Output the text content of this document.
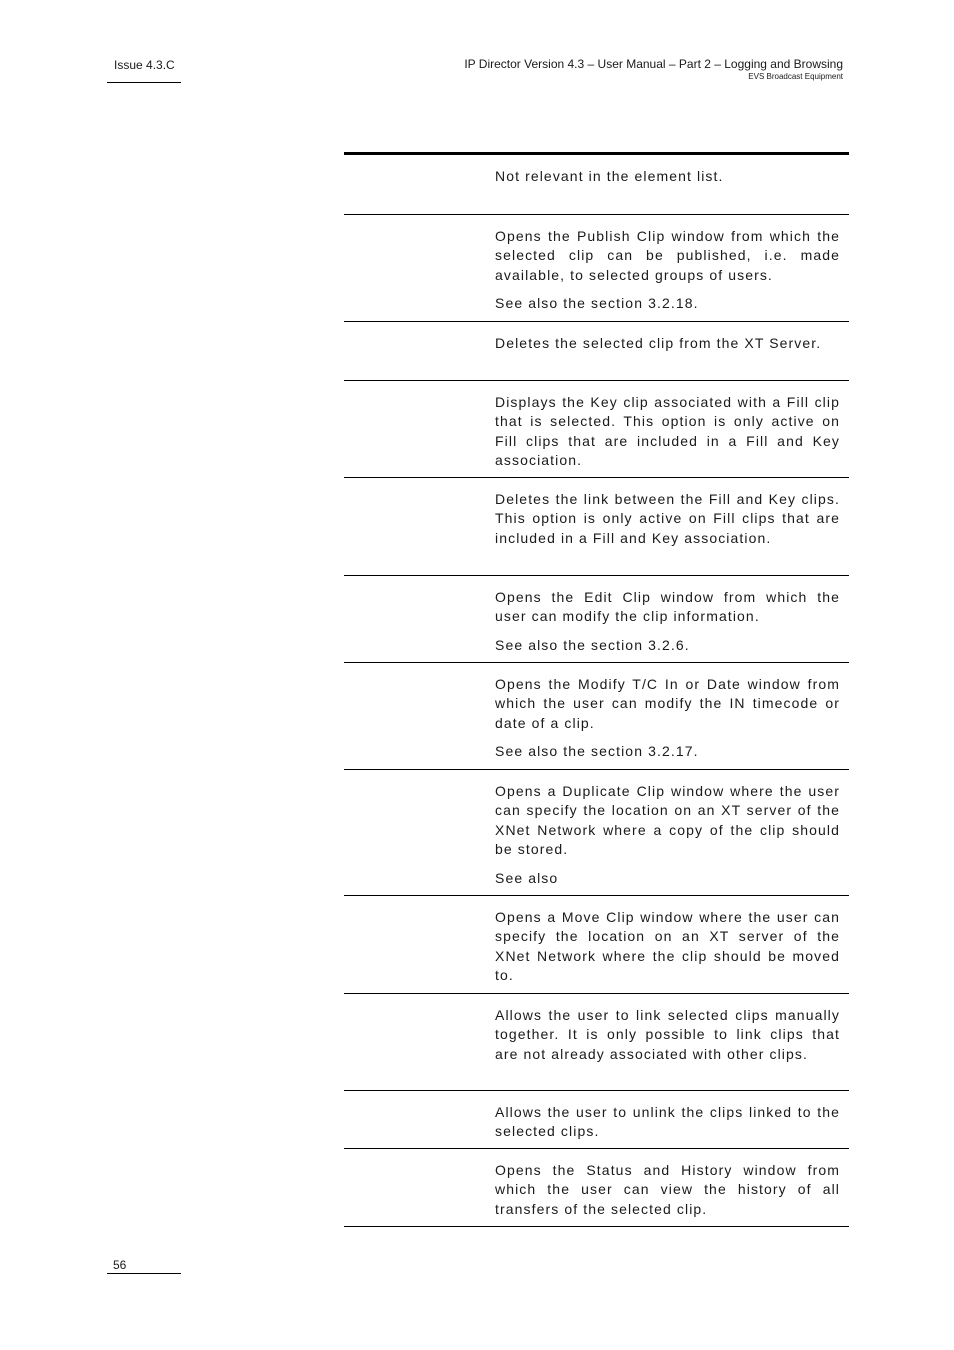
Issue 4.3.C	IP Director Version 4.3 – User Manual – Part 2 – Logging and Browsing
EVS Broadcast Equipment

Not relevant in the element list.

Opens the Publish Clip window from which the selected clip can be published, i.e. made available, to selected groups of users.

See also the section 3.2.18.

Deletes the selected clip from the XT Server.

Displays the Key clip associated with a Fill clip that is selected. This option is only active on Fill clips that are included in a Fill and Key association.

Deletes the link between the Fill and Key clips. This option is only active on Fill clips that are included in a Fill and Key association.

Opens the Edit Clip window from which the user can modify the clip information.

See also the section 3.2.6.

Opens the Modify T/C In or Date window from which the user can modify the IN timecode or date of a clip.

See also the section 3.2.17.

Opens a Duplicate Clip window where the user can specify the location on an XT server of the XNet Network where a copy of the clip should be stored.

See also

Opens a Move Clip window where the user can specify the location on an XT server of the XNet Network where the clip should be moved to.

Allows the user to link selected clips manually together. It is only possible to link clips that are not already associated with other clips.

Allows the user to unlink the clips linked to the selected clips.

Opens the Status and History window from which the user can view the history of all transfers of the selected clip.

56
